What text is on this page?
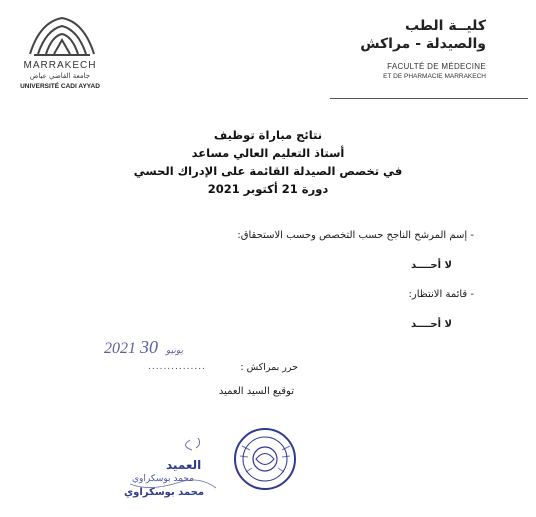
MARRAKECH
جامعة القاضي عياض
UNIVERSITÉ CADI AYYAD
كليــة الطب
والصيدلة - مراكش
FACULTÉ DE MÉDECINE
ET DE PHARMACIE MARRAKECH
نتائج مباراة توظيف
أستاذ التعليم العالي مساعد
في تخصص الصيدلة القائمة على الإدراك الحسي
دورة 21 أكتوبر 2021
- إسم المرشح الناجح حسب التخصص وحسب الاستحقاق:
لا أحــــد
- قائمة الانتظار:
لا أحــــد
2021	يونيو 30
حرر بمراكش :
...............
توقيع السيد العميد
العميد
محمد بوسكراوي
محمد بوسكراوي
